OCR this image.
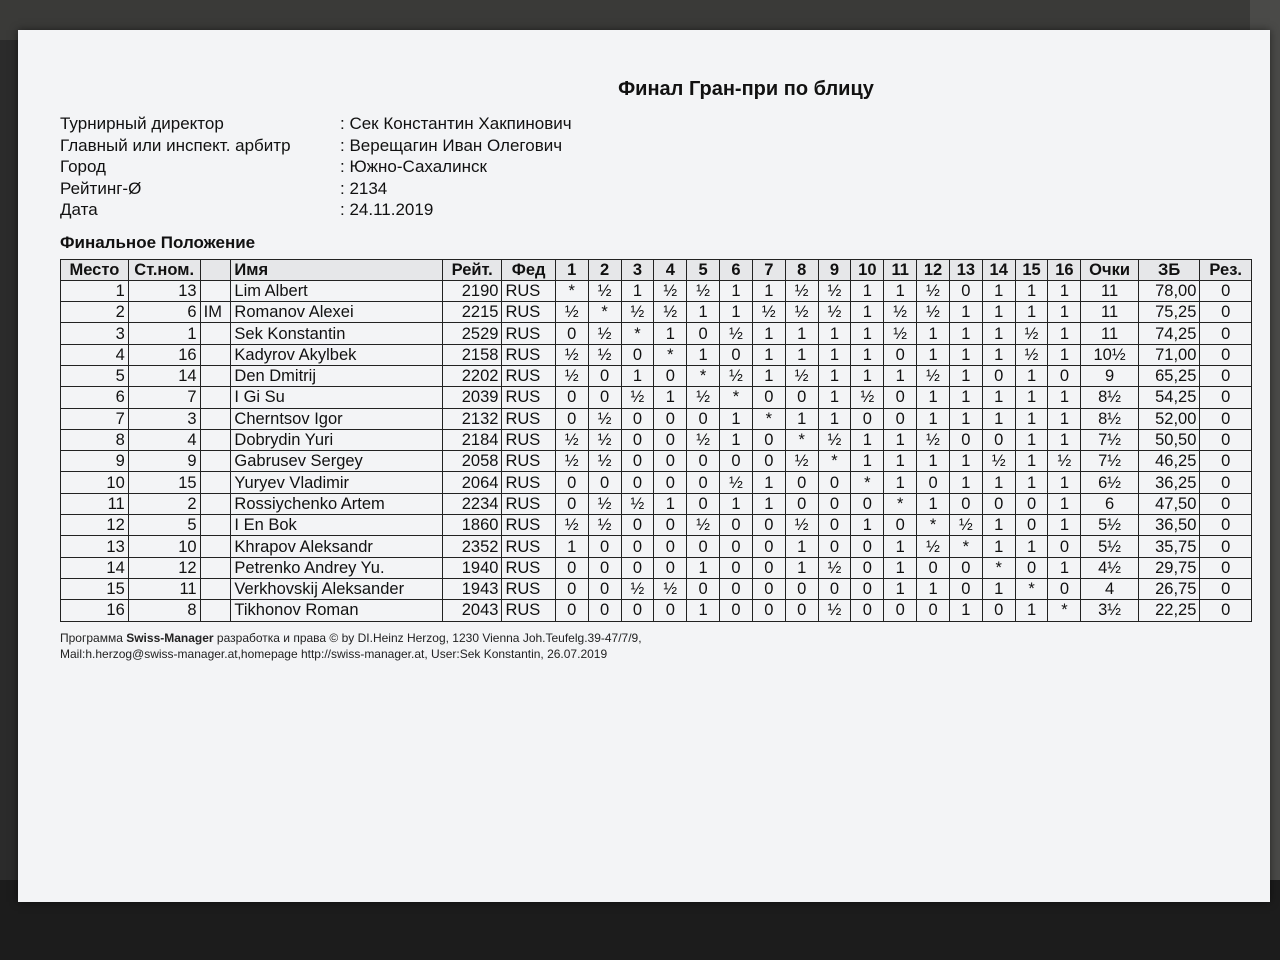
Финал Гран-при по блицу
Турнирный директор	: Сек Константин Хакпинович
Главный или инспект. арбитр	: Верещагин Иван Олегович
Город	: Южно-Сахалинск
Рейтинг-Ø	: 2134
Дата	: 24.11.2019
Финальное Положение
Место	Ст.ном.		Имя	Рейт.	Фед	1	2	3	4	5	6	7	8	9	10	11	12	13	14	15	16	Очки	ЗБ	Рез.
1	13		Lim Albert	2190	RUS	*	½	1	½	½	1	1	½	½	1	1	½	0	1	1	1	11	78,00	0
2	6	IM	Romanov Alexei	2215	RUS	½	*	½	½	1	1	½	½	½	1	½	½	1	1	1	1	11	75,25	0
3	1		Sek Konstantin	2529	RUS	0	½	*	1	0	½	1	1	1	1	½	1	1	1	½	1	11	74,25	0
4	16		Kadyrov Akylbek	2158	RUS	½	½	0	*	1	0	1	1	1	1	0	1	1	1	½	1	10½	71,00	0
5	14		Den Dmitrij	2202	RUS	½	0	1	0	*	½	1	½	1	1	1	½	1	0	1	0	9	65,25	0
6	7		I Gi Su	2039	RUS	0	0	½	1	½	*	0	0	1	½	0	1	1	1	1	1	8½	54,25	0
7	3		Cherntsov Igor	2132	RUS	0	½	0	0	0	1	*	1	1	0	0	1	1	1	1	1	8½	52,00	0
8	4		Dobrydin Yuri	2184	RUS	½	½	0	0	½	1	0	*	½	1	1	½	0	0	1	1	7½	50,50	0
9	9		Gabrusev Sergey	2058	RUS	½	½	0	0	0	0	0	½	*	1	1	1	1	½	1	½	7½	46,25	0
10	15		Yuryev Vladimir	2064	RUS	0	0	0	0	0	½	1	0	0	*	1	0	1	1	1	1	6½	36,25	0
11	2		Rossiychenko Artem	2234	RUS	0	½	½	1	0	1	1	0	0	0	*	1	0	0	0	1	6	47,50	0
12	5		I En Bok	1860	RUS	½	½	0	0	½	0	0	½	0	1	0	*	½	1	0	1	5½	36,50	0
13	10		Khrapov Aleksandr	2352	RUS	1	0	0	0	0	0	0	1	0	0	1	½	*	1	1	0	5½	35,75	0
14	12		Petrenko Andrey Yu.	1940	RUS	0	0	0	0	1	0	0	1	½	0	1	0	0	*	0	1	4½	29,75	0
15	11		Verkhovskij Aleksander	1943	RUS	0	0	½	½	0	0	0	0	0	0	1	1	0	1	*	0	4	26,75	0
16	8		Tikhonov Roman	2043	RUS	0	0	0	0	1	0	0	0	½	0	0	0	1	0	1	*	3½	22,25	0
Программа Swiss-Manager разработка и права © by DI.Heinz Herzog, 1230 Vienna Joh.Teufelg.39-47/7/9,
Mail:h.herzog@swiss-manager.at,homepage http://swiss-manager.at, User:Sek Konstantin, 26.07.2019
